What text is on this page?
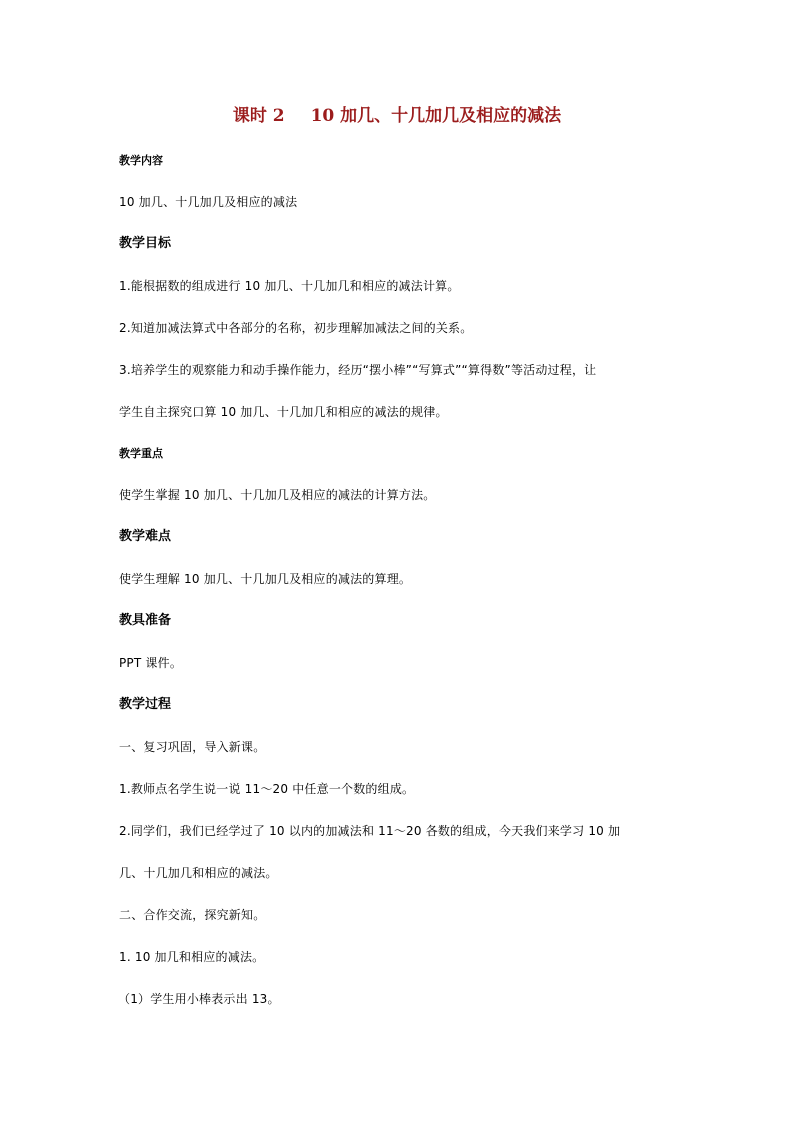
课时 2 10 加几、十几加几及相应的减法
教学内容
10 加几、十几加几及相应的减法
教学目标
1.能根据数的组成进行 10 加几、十几加几和相应的减法计算。
2.知道加减法算式中各部分的名称，初步理解加减法之间的关系。
3.培养学生的观察能力和动手操作能力，经历“摆小棒”“写算式”“算得数”等活动过程，让
学生自主探究口算 10 加几、十几加几和相应的减法的规律。
教学重点
使学生掌握 10 加几、十几加几及相应的减法的计算方法。
教学难点
使学生理解 10 加几、十几加几及相应的减法的算理。
教具准备
PPT 课件。
教学过程
一、复习巩固，导入新课。
1.教师点名学生说一说 11～20 中任意一个数的组成。
2.同学们，我们已经学过了 10 以内的加减法和 11～20 各数的组成，今天我们来学习 10 加
几、十几加几和相应的减法。
二、合作交流，探究新知。
1. 10 加几和相应的减法。
（1）学生用小棒表示出 13。
